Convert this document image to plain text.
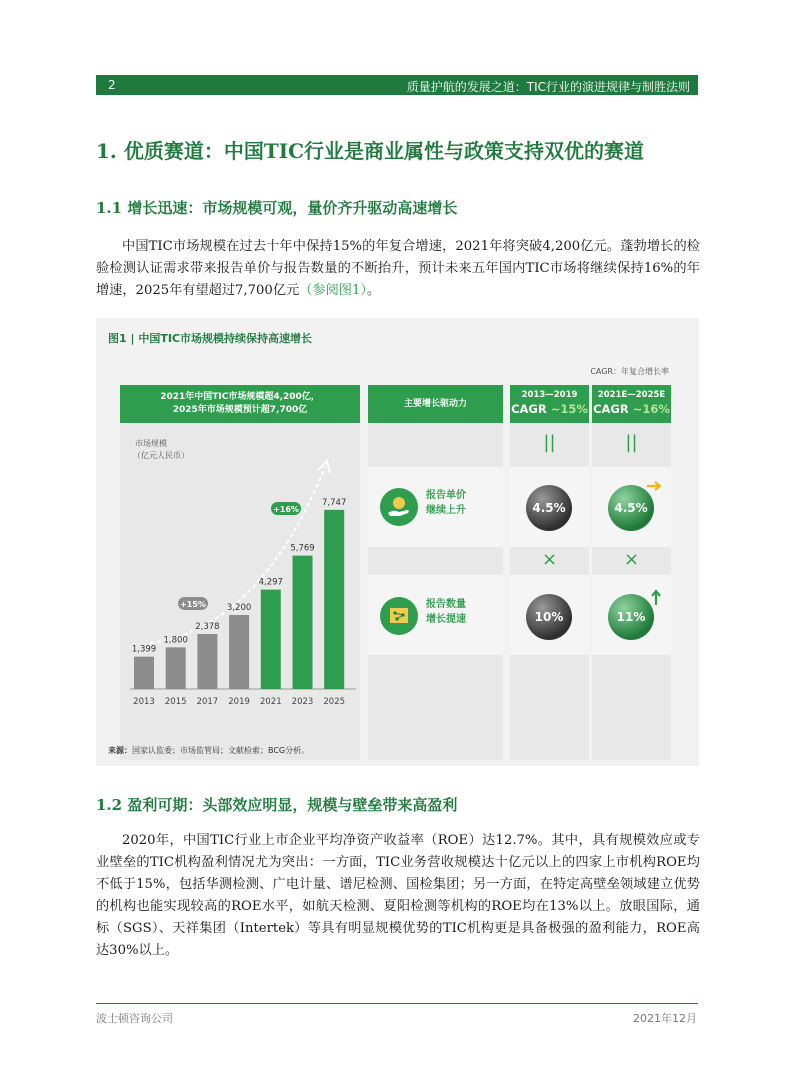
2	质量护航的发展之道：TIC行业的演进规律与制胜法则
1. 优质赛道：中国TIC行业是商业属性与政策支持双优的赛道
1.1 增长迅速：市场规模可观，量价齐升驱动高速增长
中国TIC市场规模在过去十年中保持15%的年复合增速，2021年将突破4,200亿元。蓬勃增长的检验检测认证需求带来报告单价与报告数量的不断抬升，预计未来五年国内TIC市场将继续保持16%的年增速，2025年有望超过7,700亿元（参阅图1）。
图1 | 中国TIC市场规模持续保持高速增长
CAGR：年复合增长率
2021年中国TIC市场规模超4,200亿，
2025年市场规模预计超7,700亿
市场规模
（亿元人民币）
1,399
2013
1,800
2015
2,378
2017
3,200
2019
4,297
2021
5,769
2023
7,747
2025
+15%
+16%
主要增长驱动力
报告单价
继续上升
报告数量
增长提速
2013—2019
CAGR ~15%
||
4.5%
×
10%
2021E—2025E
CAGR ~16%
||
4.5%
×
11%
来源：国家认监委；市场监管局；文献检索；BCG分析。
1.2 盈利可期：头部效应明显，规模与壁垒带来高盈利
2020年，中国TIC行业上市企业平均净资产收益率（ROE）达12.7%。其中，具有规模效应或专业壁垒的TIC机构盈利情况尤为突出：一方面，TIC业务营收规模达十亿元以上的四家上市机构ROE均不低于15%，包括华测检测、广电计量、谱尼检测、国检集团；另一方面，在特定高壁垒领域建立优势的机构也能实现较高的ROE水平，如航天检测、夏阳检测等机构的ROE均在13%以上。放眼国际，通标（SGS）、天祥集团（Intertek）等具有明显规模优势的TIC机构更是具备极强的盈利能力，ROE高达30%以上。
波士顿咨询公司	2021年12月
